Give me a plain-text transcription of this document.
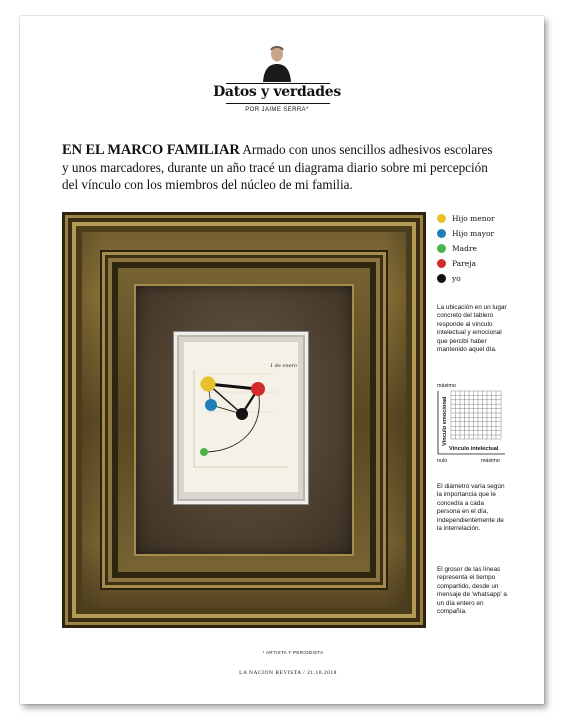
Datos y verdades
POR JAIME SERRA*
EN EL MARCO FAMILIAR Armado con unos sencillos adhesivos escolares y unos marcadores, durante un año tracé un diagrama diario sobre mi percepción del vínculo con los miembros del núcleo de mi familia.
1 de enero
Hijo menor
Hijo mayor
Madre
Pareja
yo
La ubicación en un lugar concreto del tablero responde al vínculo intelectual y emocional que percibí haber mantenido aquel día.
máximo
Vínculo emocional
Vínculo intelectual
nulo	máximo
El diámetro varía según la importancia que le concedía a cada persona en el día, independientemente de la interrelación.
El grosor de las líneas representa el tiempo compartido, desde un mensaje de 'whatsapp' a un día entero en compañía.
* ARTISTA Y PERIODISTA
LA NACION REVISTA / 21.10.2018
